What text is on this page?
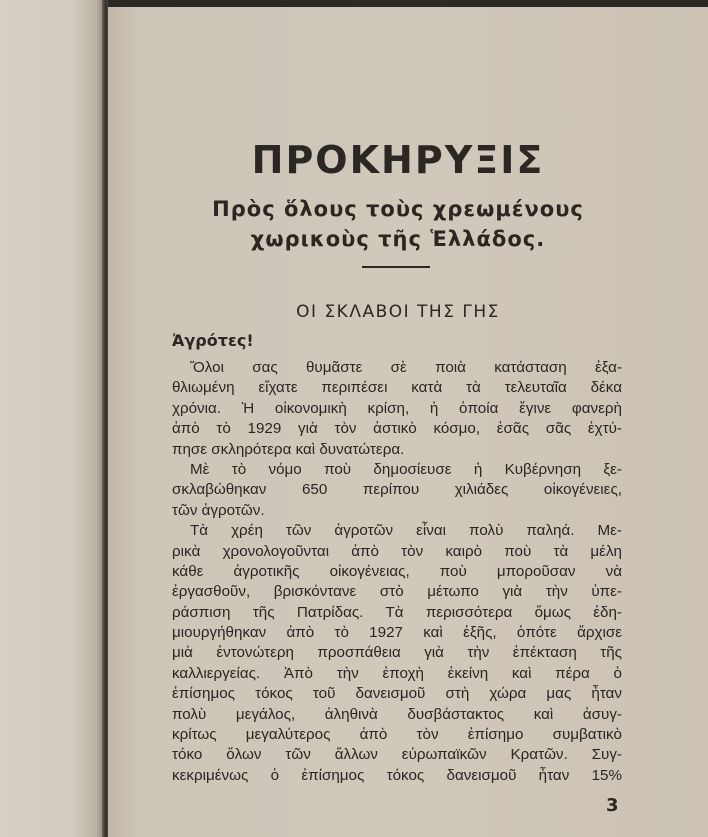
ΠΡΟΚΗΡΥΞΙΣ
Πρὸς ὅλους τοὺς χρεωμένους
χωρικοὺς τῆς Ἑλλάδος.
ΟΙ ΣΚΛΑΒΟΙ ΤΗΣ ΓΗΣ
Ἀγρότες!
Ὅλοι σας θυμᾶστε σὲ ποιὰ κατάσταση ἐξα-
θλιωμένη εἴχατε περιπέσει κατὰ τὰ τελευταῖα δέκα
χρόνια. Ἡ οἰκονομικὴ κρίση, ἡ ὁποία ἔγινε φανερὴ
ἀπὸ τὸ 1929 γιὰ τὸν ἀστικὸ κόσμο, ἐσᾶς σᾶς ἐχτύ-
πησε σκληρότερα καὶ δυνατώτερα.
Μὲ τὸ νόμο ποὺ δημοσίευσε ἡ Κυβέρνηση ξε-
σκλαβώθηκαν 650 περίπου χιλιάδες οἰκογένειες,
τῶν ἀγροτῶν.
Τὰ χρέη τῶν ἀγροτῶν εἶναι πολὺ παληά. Με-
ρικὰ χρονολογοῦνται ἀπὸ τὸν καιρὸ ποὺ τὰ μέλη
κάθε ἀγροτικῆς οἰκογένειας, ποὺ μποροῦσαν νὰ
ἐργασθοῦν, βρισκόντανε στὸ μέτωπο γιὰ τὴν ὑπε-
ράσπιση τῆς Πατρίδας. Τὰ περισσότερα ὅμως ἐδη-
μιουργήθηκαν ἀπὸ τὸ 1927 καὶ ἑξῆς, ὁπότε ἄρχισε
μιὰ ἐντονώτερη προσπάθεια γιὰ τὴν ἐπέκταση τῆς
καλλιεργείας. Ἀπὸ τὴν ἐποχὴ ἐκείνη καὶ πέρα ὁ
ἐπίσημος τόκος τοῦ δανεισμοῦ στὴ χώρα μας ἦταν
πολὺ μεγάλος, ἀληθινὰ δυσβάστακτος καὶ ἀσυγ-
κρίτως μεγαλύτερος ἀπὸ τὸν ἐπίσημο συμβατικὸ
τόκο ὅλων τῶν ἄλλων εὐρωπαϊκῶν Κρατῶν. Συγ-
κεκριμένως ὁ ἐπίσημος τόκος δανεισμοῦ ἦταν 15%
3
